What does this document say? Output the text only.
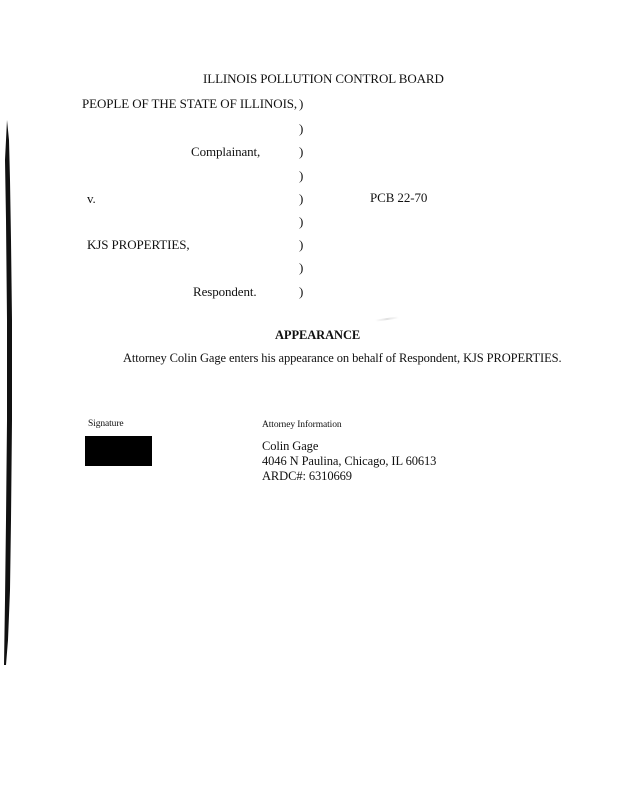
ILLINOIS POLLUTION CONTROL BOARD
PEOPLE OF THE STATE OF ILLINOIS, )
)
)
)
)
)
)
)
)
Complainant,
v.	PCB 22-70
KJS PROPERTIES,
Respondent.
APPEARANCE
Attorney Colin Gage enters his appearance on behalf of Respondent, KJS PROPERTIES.
Signature	Attorney Information
Colin Gage
4046 N Paulina, Chicago, IL 60613
ARDC#: 6310669
